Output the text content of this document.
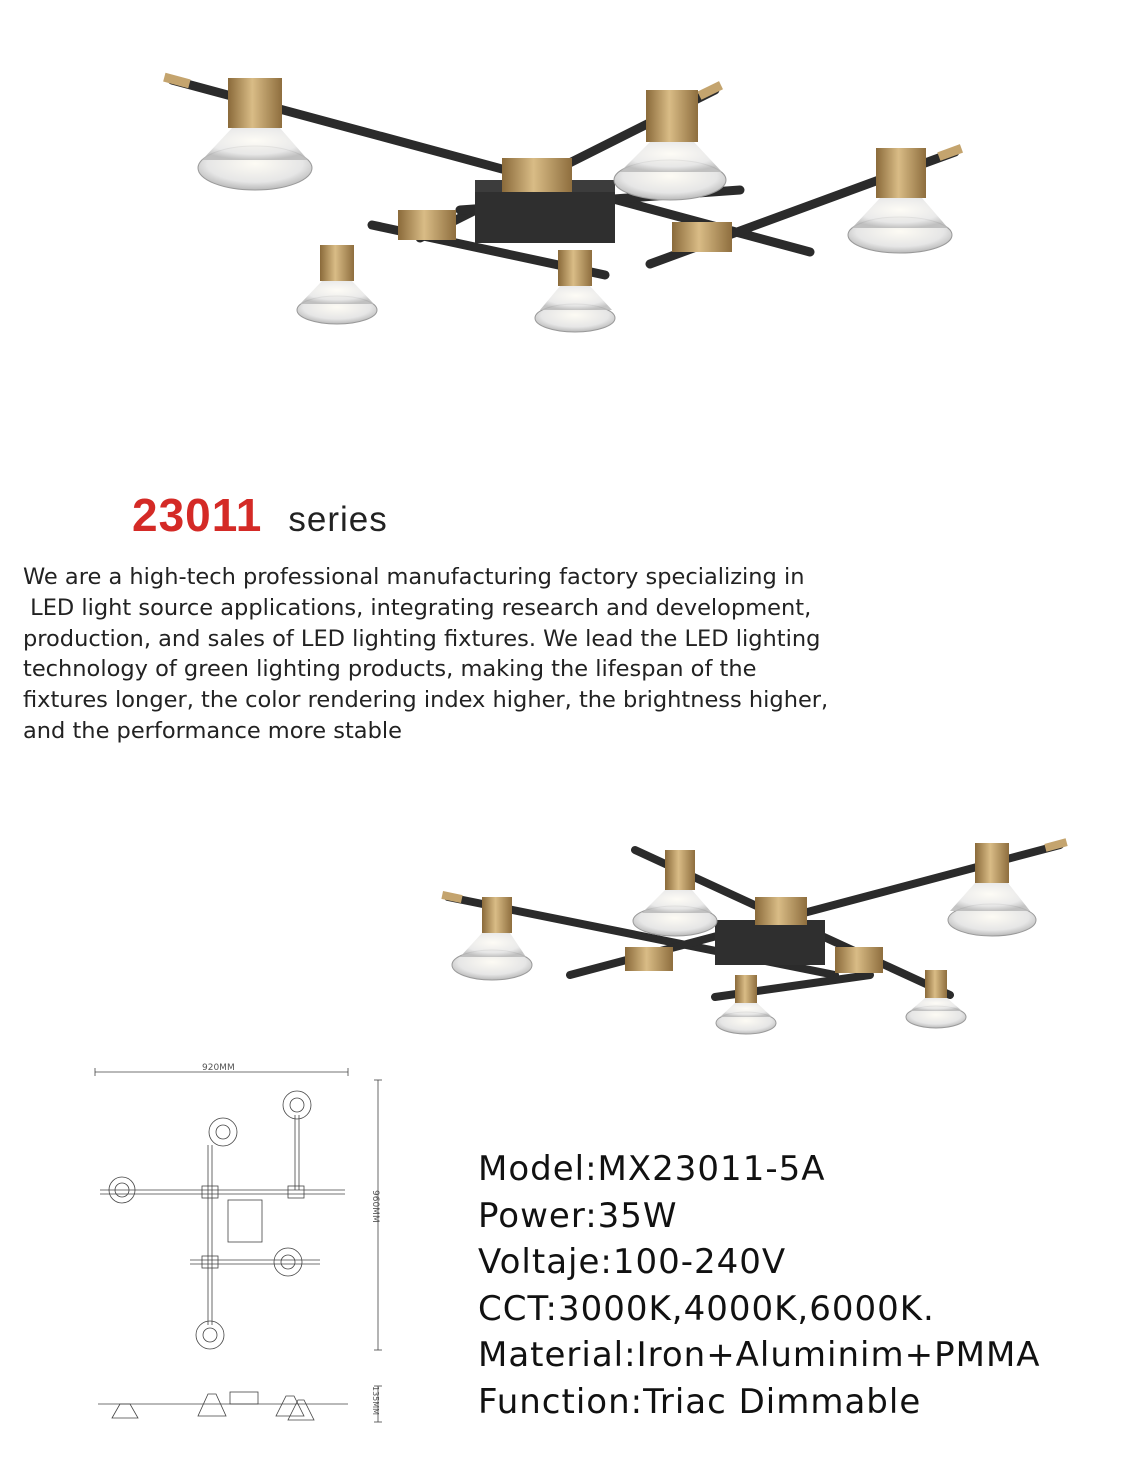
23011 series
We are a high-tech professional manufacturing factory specializing in
LED light source applications, integrating research and development,
production, and sales of LED lighting fixtures. We lead the LED lighting
technology of green lighting products, making the lifespan of the
fixtures longer, the color rendering index higher, the brightness higher,
and the performance more stable
920MM
960MM
135MM
Model:MX23011-5A
Power:35W
Voltaje:100-240V
CCT:3000K,4000K,6000K.
Material:Iron+Aluminim+PMMA
Function:Triac Dimmable
